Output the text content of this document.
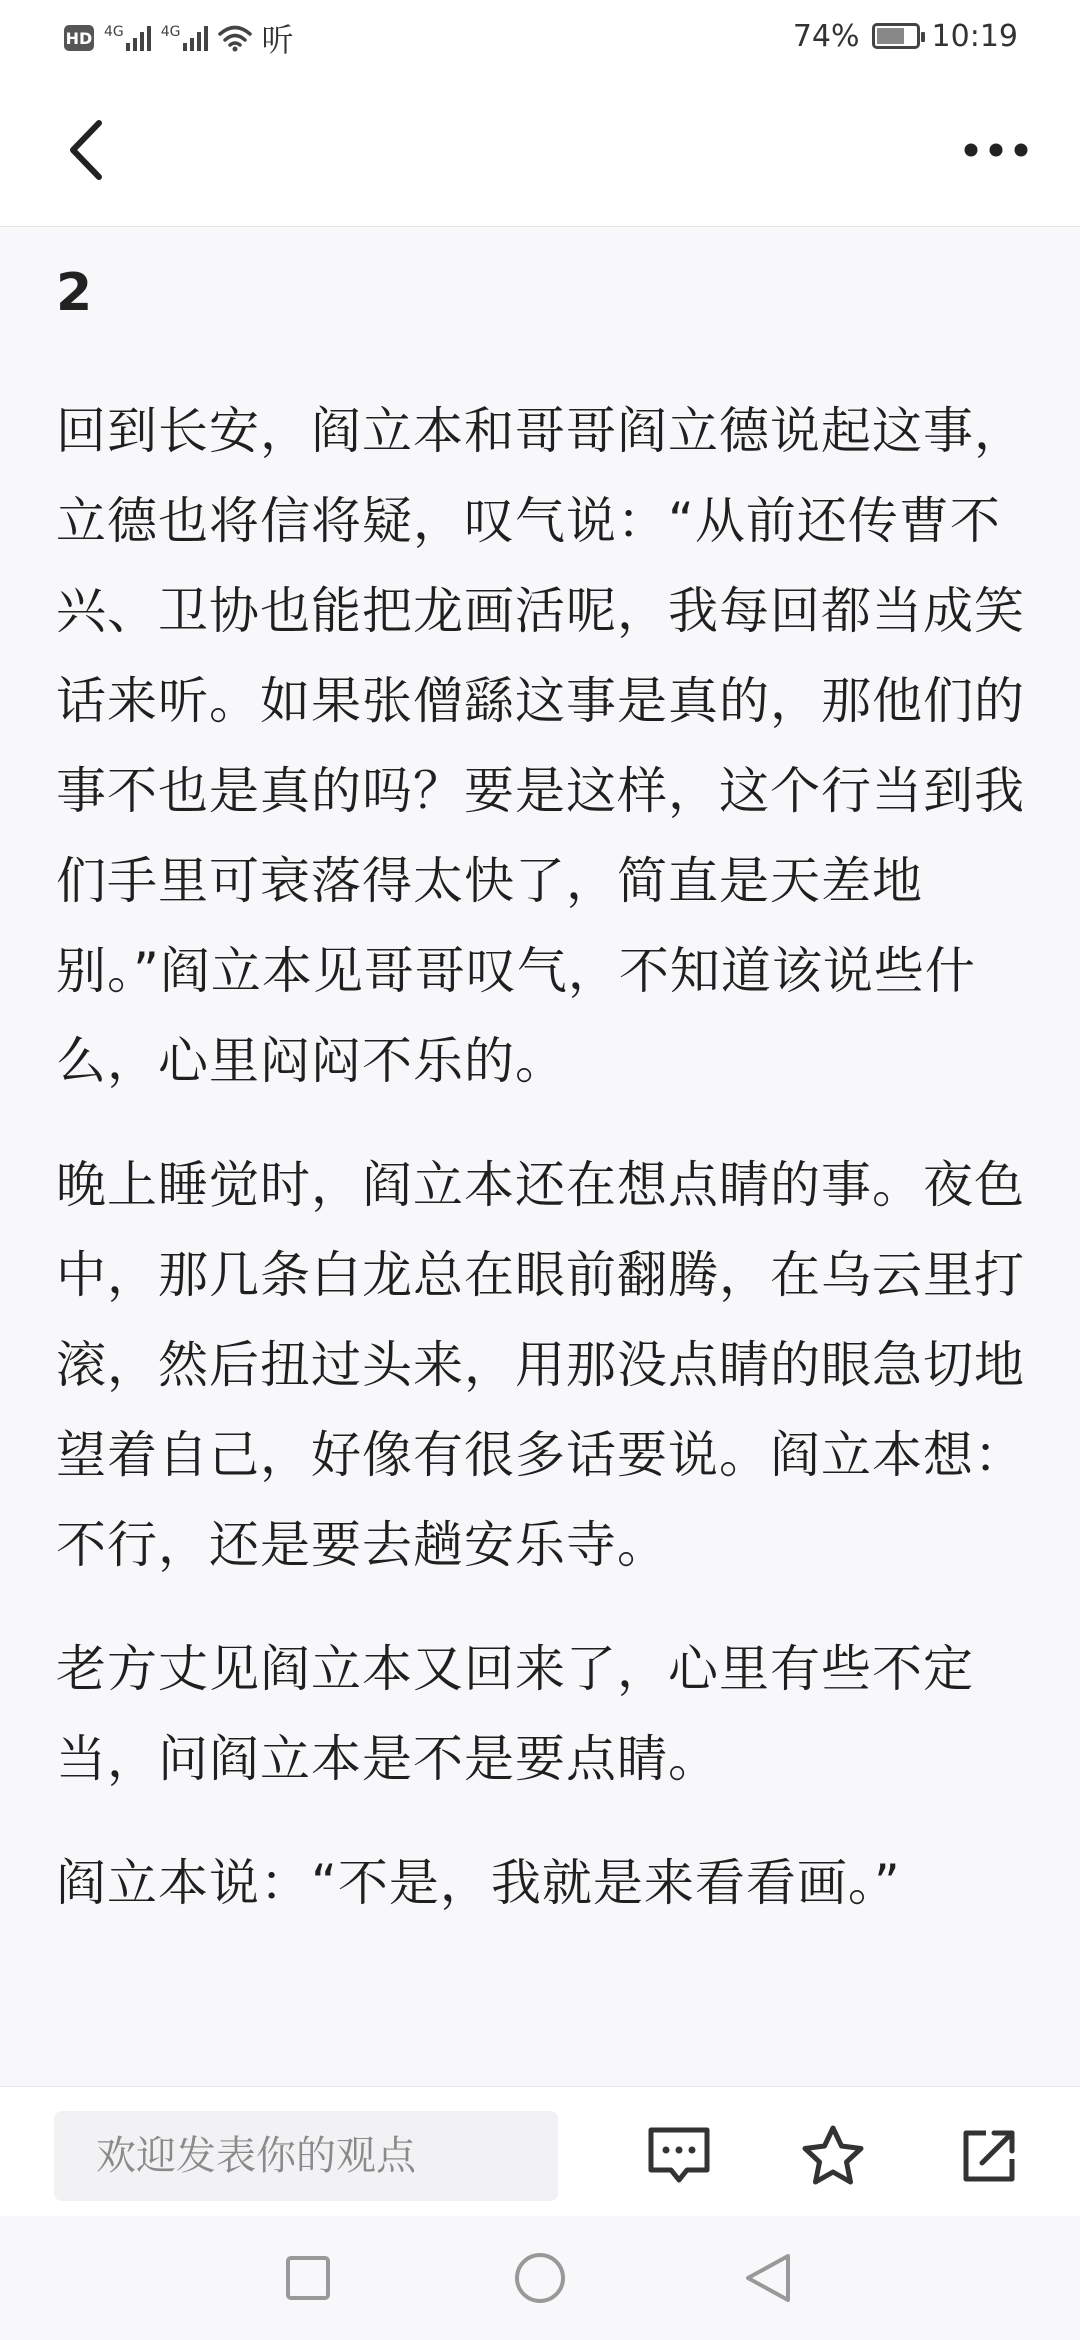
HD 4G	4G	听	74% 10:19
2

回到长安，阎立本和哥哥阎立德说起这事，立德也将信将疑，叹气说：“从前还传曹不兴、卫协也能把龙画活呢，我每回都当成笑话来听。如果张僧繇这事是真的，那他们的事不也是真的吗？要是这样，这个行当到我们手里可衰落得太快了，简直是天差地别。”阎立本见哥哥叹气，不知道该说些什么，心里闷闷不乐的。

晚上睡觉时，阎立本还在想点睛的事。夜色中，那几条白龙总在眼前翻腾，在乌云里打滚，然后扭过头来，用那没点睛的眼急切地望着自己，好像有很多话要说。阎立本想：不行，还是要去趟安乐寺。

老方丈见阎立本又回来了，心里有些不定当，问阎立本是不是要点睛。

阎立本说：“不是，我就是来看看画。”

欢迎发表你的观点
